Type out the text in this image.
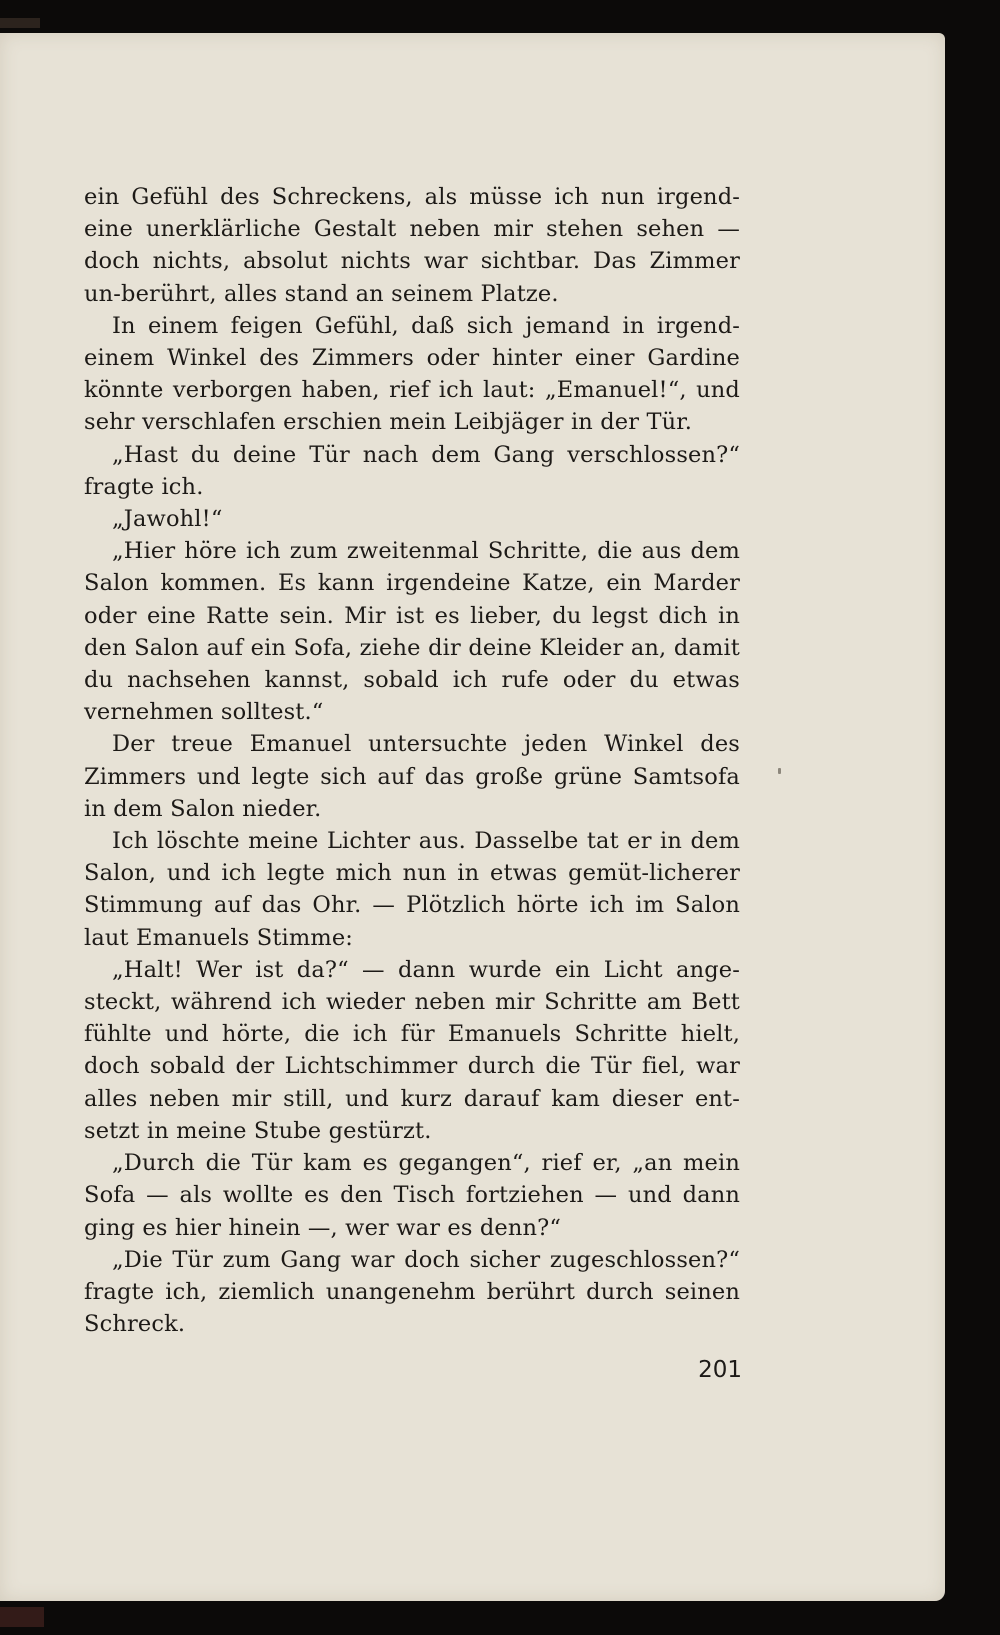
ein Gefühl des Schreckens, als müsse ich nun irgend-eine unerklärliche Gestalt neben mir stehen sehen — doch nichts, absolut nichts war sichtbar. Das Zimmer un-berührt, alles stand an seinem Platze.

In einem feigen Gefühl, daß sich jemand in irgend-einem Winkel des Zimmers oder hinter einer Gardine könnte verborgen haben, rief ich laut: „Emanuel!“, und sehr verschlafen erschien mein Leibjäger in der Tür.

„Hast du deine Tür nach dem Gang verschlossen?“ fragte ich.

„Jawohl!“

„Hier höre ich zum zweitenmal Schritte, die aus dem Salon kommen. Es kann irgendeine Katze, ein Marder oder eine Ratte sein. Mir ist es lieber, du legst dich in den Salon auf ein Sofa, ziehe dir deine Kleider an, damit du nachsehen kannst, sobald ich rufe oder du etwas vernehmen solltest.“

Der treue Emanuel untersuchte jeden Winkel des Zimmers und legte sich auf das große grüne Samtsofa in dem Salon nieder.

Ich löschte meine Lichter aus. Dasselbe tat er in dem Salon, und ich legte mich nun in etwas gemüt-licherer Stimmung auf das Ohr. — Plötzlich hörte ich im Salon laut Emanuels Stimme:

„Halt! Wer ist da?“ — dann wurde ein Licht ange-steckt, während ich wieder neben mir Schritte am Bett fühlte und hörte, die ich für Emanuels Schritte hielt, doch sobald der Lichtschimmer durch die Tür fiel, war alles neben mir still, und kurz darauf kam dieser ent-setzt in meine Stube gestürzt.

„Durch die Tür kam es gegangen“, rief er, „an mein Sofa — als wollte es den Tisch fortziehen — und dann ging es hier hinein —, wer war es denn?“

„Die Tür zum Gang war doch sicher zugeschlossen?“ fragte ich, ziemlich unangenehm berührt durch seinen Schreck.

201
